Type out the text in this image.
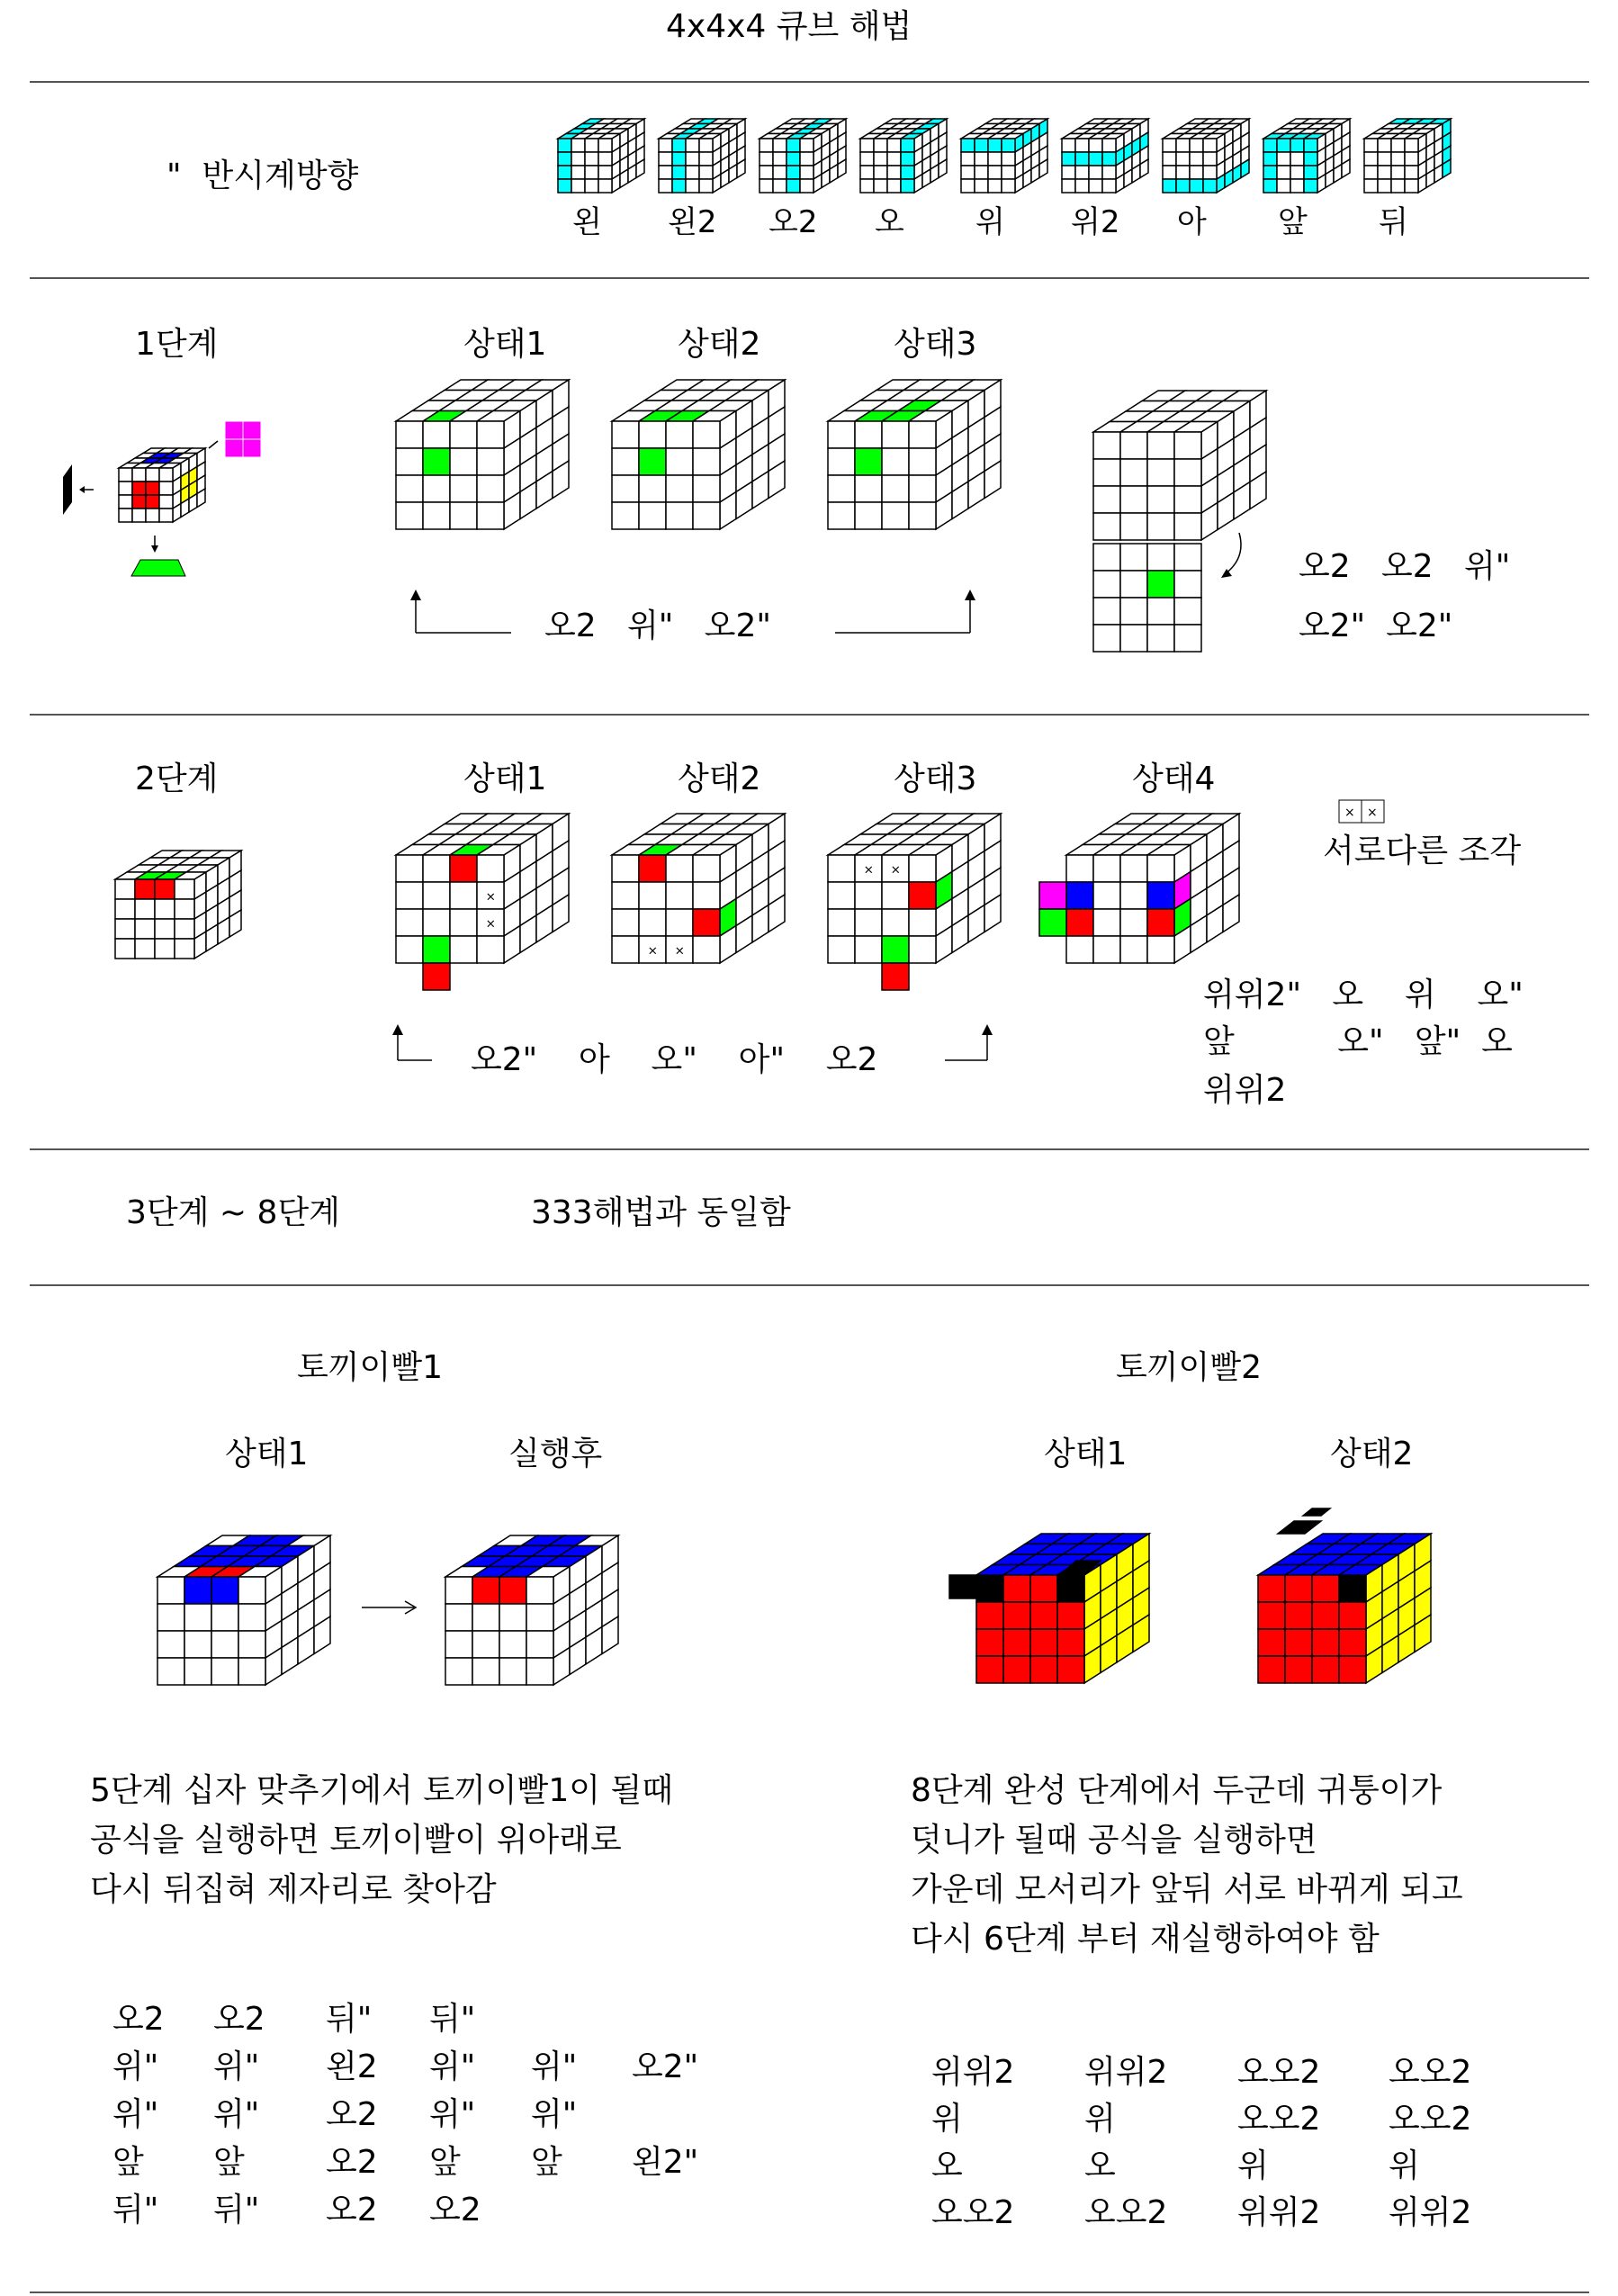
4x4x4 큐브 해법
"  반시계방향
왼 왼2 오2 오 위 위2 아 앞 뒤
1단계	상태1	상태2	상태3
오2   위"   오2"
오2   오2   위"
오2"  오2"
2단계	상태1	상태2	상태3	상태4
×
×
× ×
× ×
× ×
서로다른 조각
오2"    아    오"    아"    오2
위위2"   오    위    오"
앞          오"   앞"  오
위위2
3단계 ~ 8단계	333해법과 동일함
토끼이빨1
상태1	실행후
5단계 십자 맞추기에서 토끼이빨1이 될때
공식을 실행하면 토끼이빨이 위아래로
다시 뒤집혀 제자리로 찾아감
오2 오2 뒤" 뒤"
위" 위" 왼2 위" 위" 오2"
위" 위" 오2 위" 위"
앞 앞	오2 앞 앞 왼2"
뒤" 뒤" 오2 오2
토끼이빨2
상태1	상태2
8단계 완성 단계에서 두군데 귀퉁이가
덧니가 될때 공식을 실행하면
가운데 모서리가 앞뒤 서로 바뀌게 되고
다시 6단계 부터 재실행하여야 함
위위2 위위2 오오2 오오2
위	위	오오2 오오2
오	오	위	위
오오2 오오2 위위2 위위2
